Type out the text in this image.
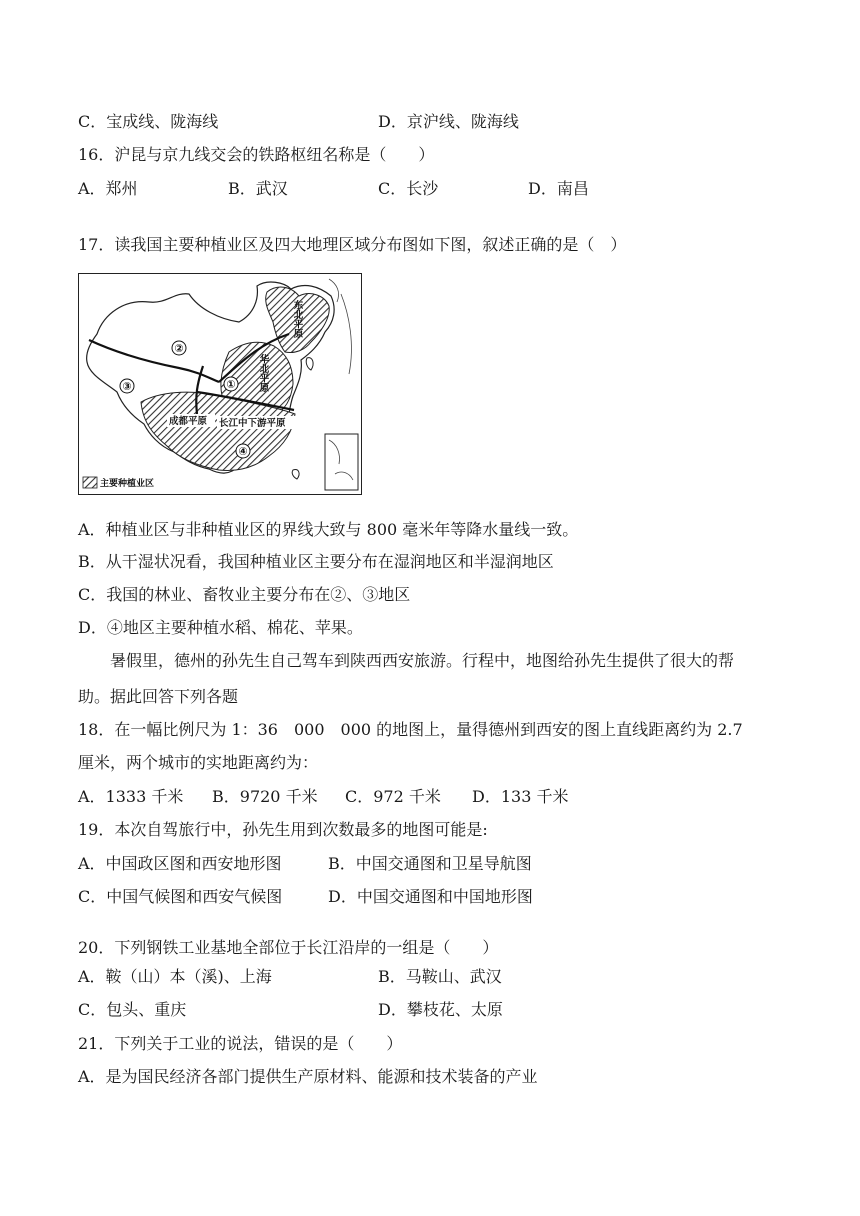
C．宝成线、陇海线	D．京沪线、陇海线
16．沪昆与京九线交会的铁路枢纽名称是（　　）
A．郑州	B．武汉	C．长沙	D．南昌
17．读我国主要种植业区及四大地理区域分布图如下图，叙述正确的是（　）
②
③	①
④
东北平原
华北平原
成都平原 长江中下游平原
主要种植业区
A．种植业区与非种植业区的界线大致与 800 毫米年等降水量线一致。
B．从干湿状况看，我国种植业区主要分布在湿润地区和半湿润地区
C．我国的林业、畜牧业主要分布在②、③地区
D．④地区主要种植水稻、棉花、苹果。
暑假里，德州的孙先生自己驾车到陕西西安旅游。行程中，地图给孙先生提供了很大的帮
助。据此回答下列各题
18．在一幅比例尺为 1：36　000　000 的地图上，量得德州到西安的图上直线距离约为 2.7
厘米，两个城市的实地距离约为：
A．1333 千米 B．9720 千米 C．972 千米 D．133 千米
19．本次自驾旅行中，孙先生用到次数最多的地图可能是:
A．中国政区图和西安地形图	B．中国交通图和卫星导航图
C．中国气候图和西安气候图	D．中国交通图和中国地形图
20．下列钢铁工业基地全部位于长江沿岸的一组是（　　）
A．鞍（山）本（溪)、上海	B．马鞍山、武汉
C．包头、重庆	D．攀枝花、太原
21．下列关于工业的说法，错误的是（　　）
A．是为国民经济各部门提供生产原材料、能源和技术装备的产业
